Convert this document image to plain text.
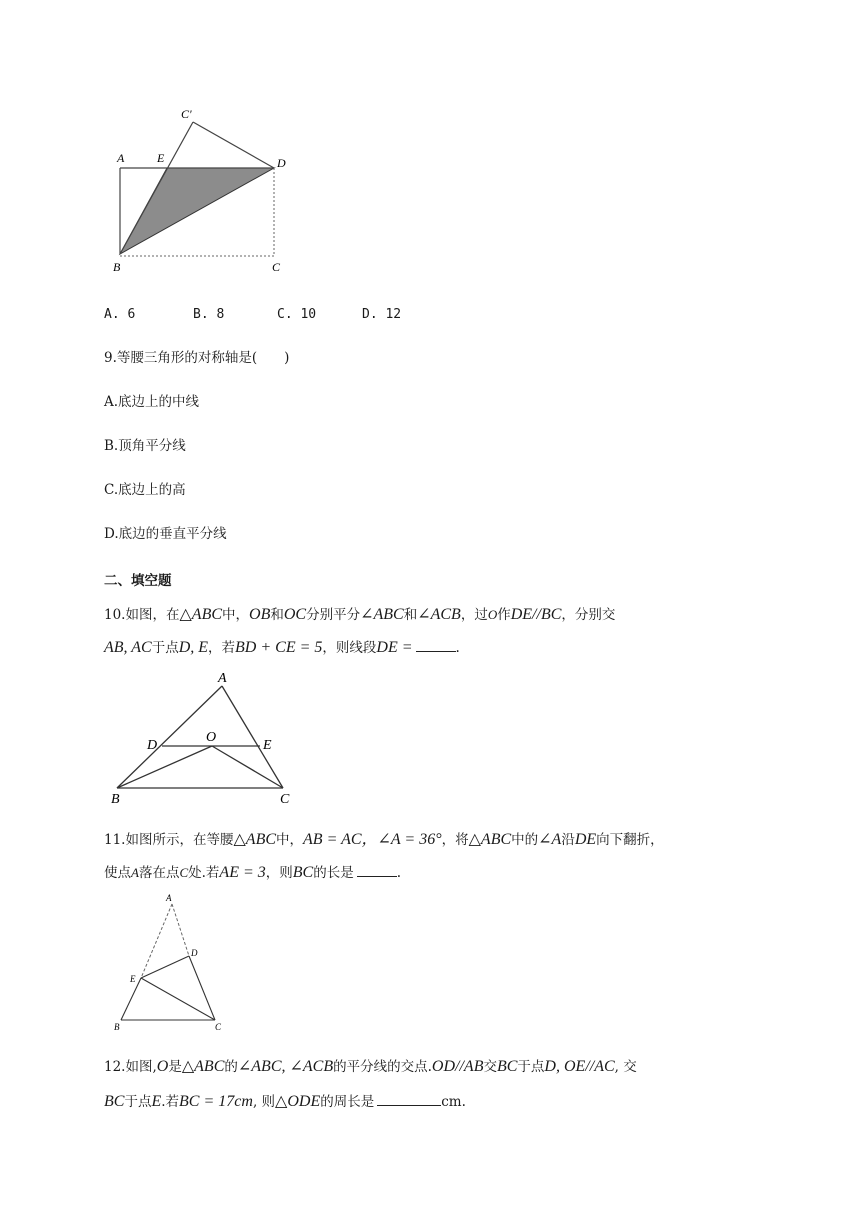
C'
A	E	D
B	C
A. 6	B. 8	C. 10	D. 12
9.等腰三角形的对称轴是(　　)
A.底边上的中线
B.顶角平分线
C.底边上的高
D.底边的垂直平分线
二、填空题
10.如图，在△ABC中，OB和OC分别平分∠ABC和∠ACB，过O作DE//BC，分别交
AB, AC于点D, E，若BD + CE = 5，则线段DE =	.
A
D
O
E
B	C
11.如图所示，在等腰△ABC中，AB = AC，∠A = 36°，将△ABC中的∠A沿DE向下翻折，
使点A落在点C处.若AE = 3，则BC的长是	.
A
D
E
B	C
12.如图,O是△ABC的∠ABC, ∠ACB的平分线的交点.OD//AB交BC于点D, OE//AC, 交
BC于点E.若BC = 17cm, 则△ODE的周长是	cm.
